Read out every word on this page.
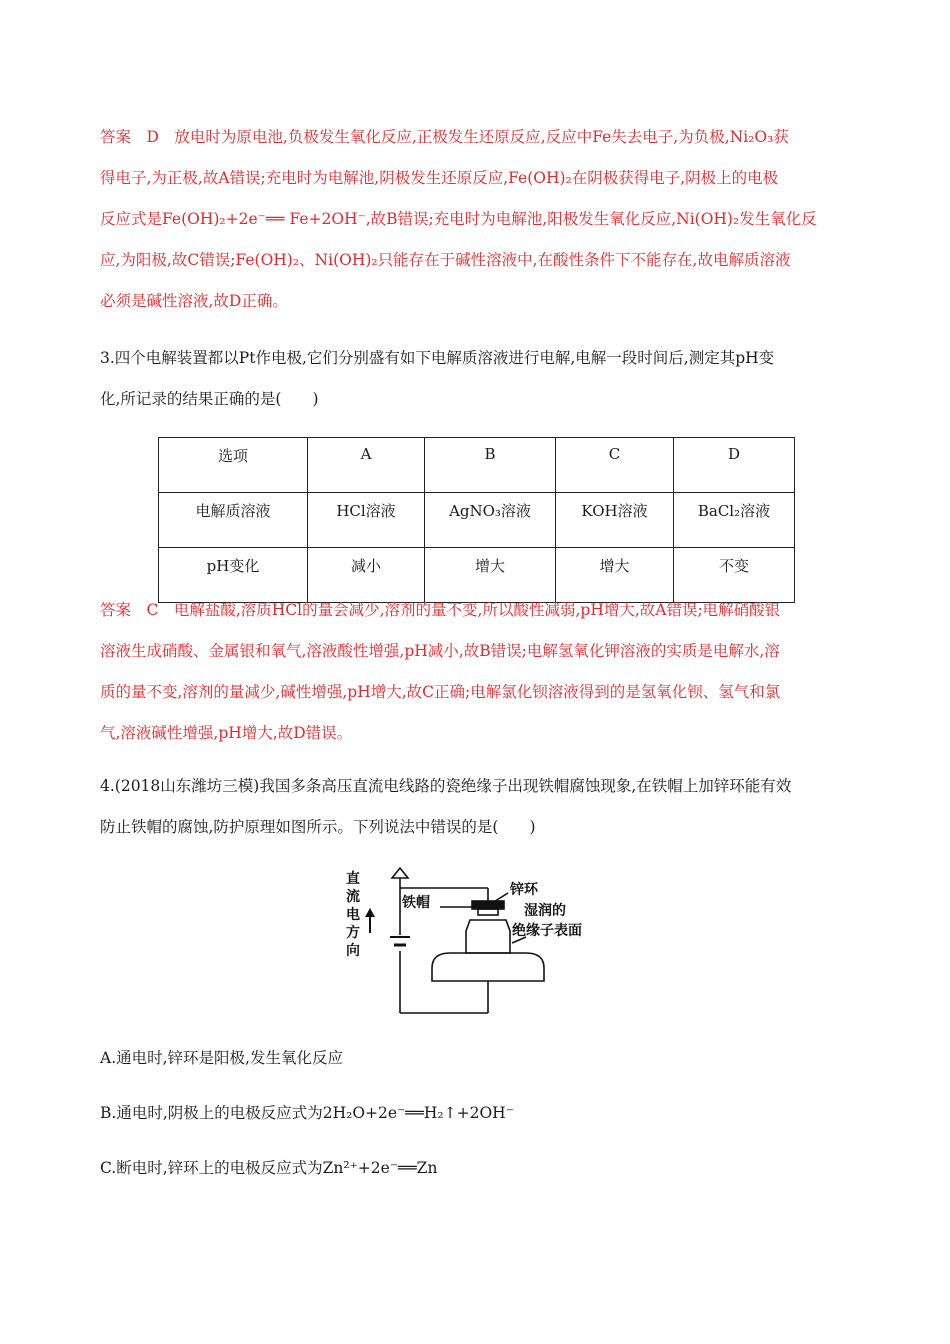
答案　D　放电时为原电池,负极发生氧化反应,正极发生还原反应,反应中Fe失去电子,为负极,Ni₂O₃获
得电子,为正极,故A错误;充电时为电解池,阴极发生还原反应,Fe(OH)₂在阴极获得电子,阴极上的电极
反应式是Fe(OH)₂+2e⁻══ Fe+2OH⁻,故B错误;充电时为电解池,阳极发生氧化反应,Ni(OH)₂发生氧化反
应,为阳极,故C错误;Fe(OH)₂、Ni(OH)₂只能存在于碱性溶液中,在酸性条件下不能存在,故电解质溶液
必须是碱性溶液,故D正确。
3.四个电解装置都以Pt作电极,它们分别盛有如下电解质溶液进行电解,电解一段时间后,测定其pH变
化,所记录的结果正确的是(　　)
选项	A	B	C	D
电解质溶液	HCl溶液	AgNO₃溶液	KOH溶液	BaCl₂溶液
pH变化	减小	增大	增大	不变
答案　C　电解盐酸,溶质HCl的量会减少,溶剂的量不变,所以酸性减弱,pH增大,故A错误;电解硝酸银
溶液生成硝酸、金属银和氧气,溶液酸性增强,pH减小,故B错误;电解氢氧化钾溶液的实质是电解水,溶
质的量不变,溶剂的量减少,碱性增强,pH增大,故C正确;电解氯化钡溶液得到的是氢氧化钡、氢气和氯
气,溶液碱性增强,pH增大,故D错误。
4.(2018山东潍坊三模)我国多条高压直流电线路的瓷绝缘子出现铁帽腐蚀现象,在铁帽上加锌环能有效
防止铁帽的腐蚀,防护原理如图所示。下列说法中错误的是(　　)
直
流
电
方
向
铁帽
锌环
湿润的
绝缘子表面
A.通电时,锌环是阳极,发生氧化反应
B.通电时,阴极上的电极反应式为2H₂O+2e⁻══H₂↑+2OH⁻
C.断电时,锌环上的电极反应式为Zn²⁺+2e⁻══Zn
